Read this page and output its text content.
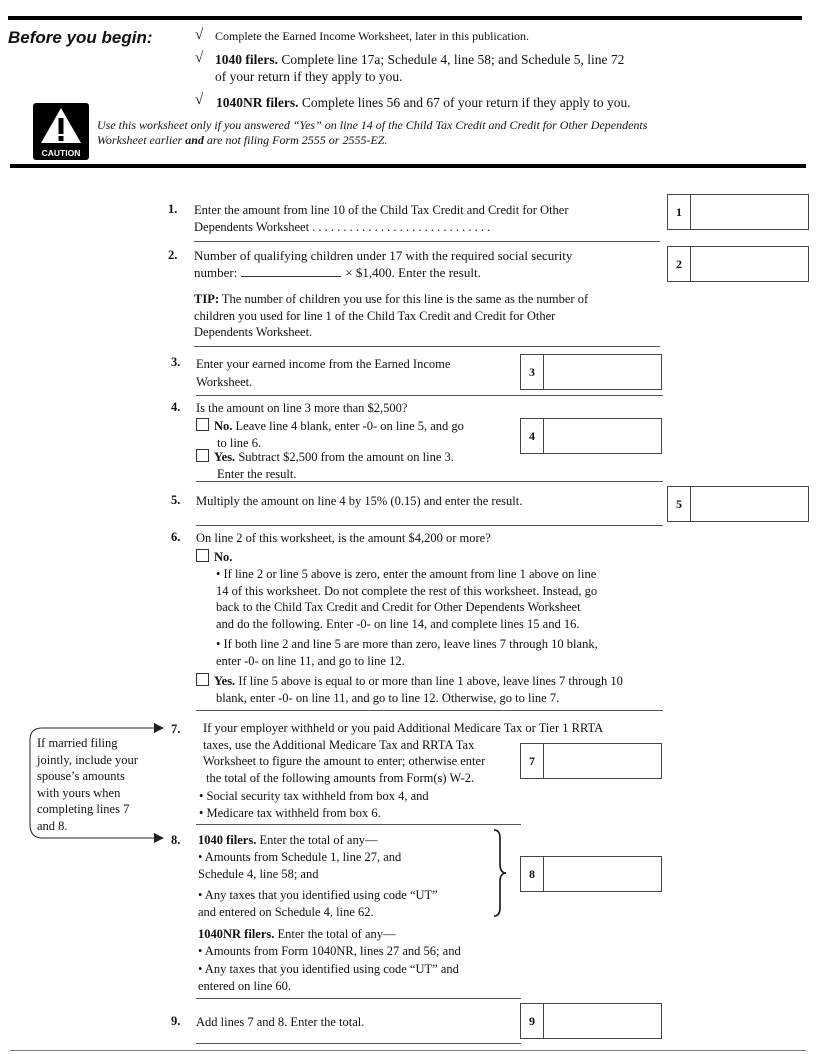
Before you begin:	√ Complete the Earned Income Worksheet, later in this publication.
√ 1040 filers. Complete line 17a; Schedule 4, line 58; and Schedule 5, line 72
of your return if they apply to you.
√ 1040NR filers. Complete lines 56 and 67 of your return if they apply to you.
CAUTION
Use this worksheet only if you answered “Yes” on line 14 of the Child Tax Credit and Credit for Other Dependents
Worksheet earlier and are not filing Form 2555 or 2555-EZ.
1. Enter the amount from line 10 of the Child Tax Credit and Credit for Other
Dependents Worksheet . . . . . . . . . . . . . . . . . . . . . . . . . . . . .
1
2. Number of qualifying children under 17 with the required social security
number:	× $1,400. Enter the result.
2
TIP: The number of children you use for this line is the same as the number of
children you used for line 1 of the Child Tax Credit and Credit for Other
Dependents Worksheet.
3. Enter your earned income from the Earned Income
Worksheet.
3
4. Is the amount on line 3 more than $2,500?
No. Leave line 4 blank, enter -0- on line 5, and go
to line 6.
Yes. Subtract $2,500 from the amount on line 3.
Enter the result.
4
5. Multiply the amount on line 4 by 15% (0.15) and enter the result.	5
6. On line 2 of this worksheet, is the amount $4,200 or more?
No.
• If line 2 or line 5 above is zero, enter the amount from line 1 above on line
14 of this worksheet. Do not complete the rest of this worksheet. Instead, go
back to the Child Tax Credit and Credit for Other Dependents Worksheet
and do the following. Enter -0- on line 14, and complete lines 15 and 16.
• If both line 2 and line 5 are more than zero, leave lines 7 through 10 blank,
enter -0- on line 11, and go to line 12.
Yes. If line 5 above is equal to or more than line 1 above, leave lines 7 through 10
blank, enter -0- on line 11, and go to line 12. Otherwise, go to line 7.
If married filing
jointly, include your
spouse’s amounts
with yours when
completing lines 7
and 8.
7. If your employer withheld or you paid Additional Medicare Tax or Tier 1 RRTA
taxes, use the Additional Medicare Tax and RRTA Tax
Worksheet to figure the amount to enter; otherwise enter
the total of the following amounts from Form(s) W-2.
• Social security tax withheld from box 4, and
• Medicare tax withheld from box 6.
7
8. 1040 filers. Enter the total of any—
• Amounts from Schedule 1, line 27, and
Schedule 4, line 58; and
• Any taxes that you identified using code “UT”
and entered on Schedule 4, line 62.
8
1040NR filers. Enter the total of any—
• Amounts from Form 1040NR, lines 27 and 56; and
• Any taxes that you identified using code “UT” and
entered on line 60.
9. Add lines 7 and 8. Enter the total.	9
